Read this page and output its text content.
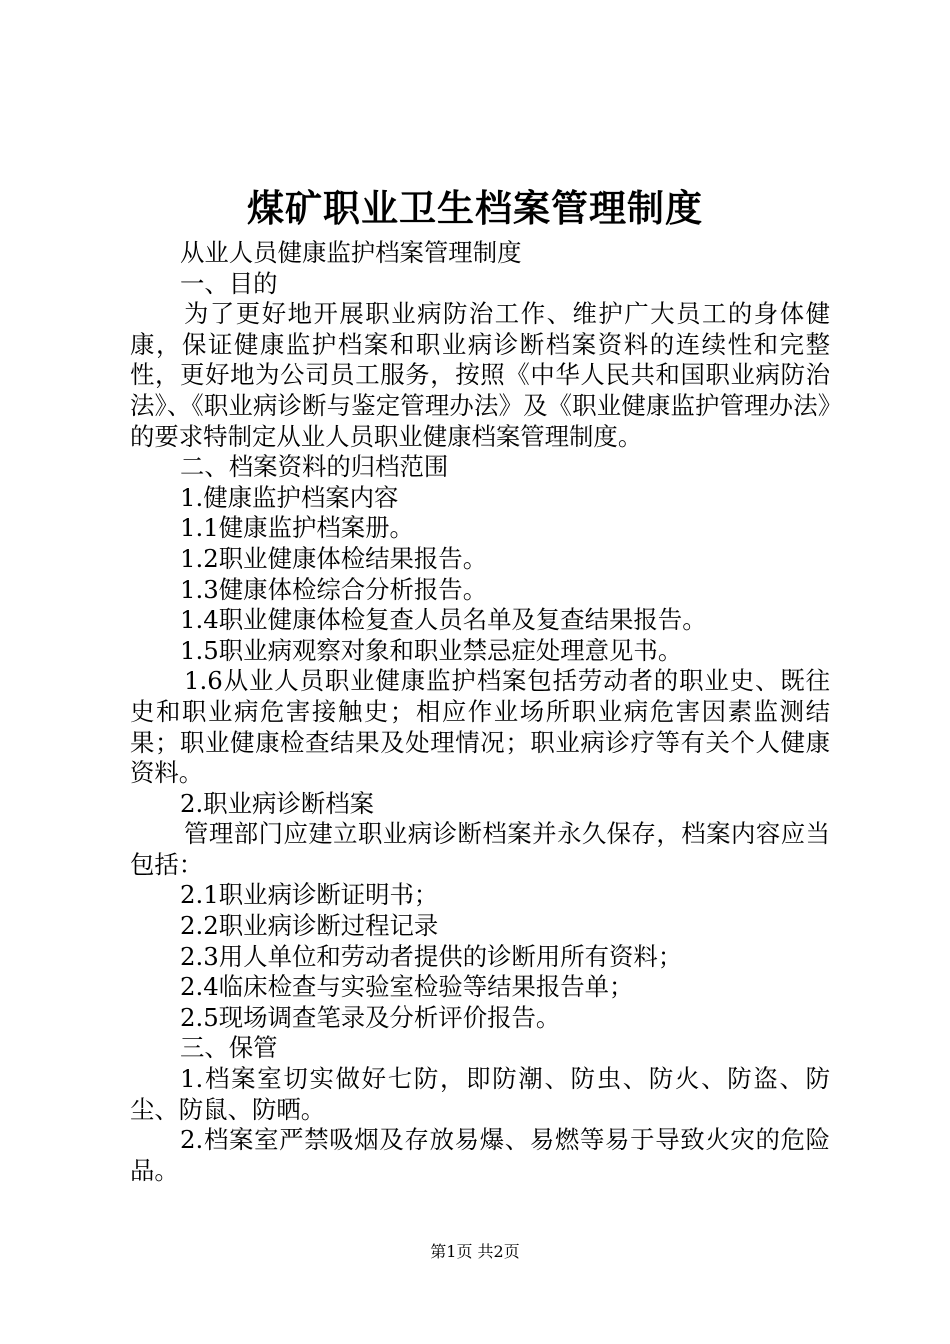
煤矿职业卫生档案管理制度

从业人员健康监护档案管理制度

一、目的

为了更好地开展职业病防治工作、维护广大员工的身体健康，保证健康监护档案和职业病诊断档案资料的连续性和完整性，更好地为公司员工服务，按照《中华人民共和国职业病防治法》、《职业病诊断与鉴定管理办法》及《职业健康监护管理办法》的要求特制定从业人员职业健康档案管理制度。

二、档案资料的归档范围

1.健康监护档案内容

1.1健康监护档案册。

1.2职业健康体检结果报告。

1.3健康体检综合分析报告。

1.4职业健康体检复查人员名单及复查结果报告。

1.5职业病观察对象和职业禁忌症处理意见书。

1.6从业人员职业健康监护档案包括劳动者的职业史、既往史和职业病危害接触史；相应作业场所职业病危害因素监测结果；职业健康检查结果及处理情况；职业病诊疗等有关个人健康资料。

2.职业病诊断档案

管理部门应建立职业病诊断档案并永久保存，档案内容应当包括：

2.1职业病诊断证明书；

2.2职业病诊断过程记录

2.3用人单位和劳动者提供的诊断用所有资料；

2.4临床检查与实验室检验等结果报告单；

2.5现场调查笔录及分析评价报告。

三、保管

1.档案室切实做好七防，即防潮、防虫、防火、防盗、防尘、防鼠、防晒。

2.档案室严禁吸烟及存放易爆、易燃等易于导致火灾的危险品。

第1页 共2页
